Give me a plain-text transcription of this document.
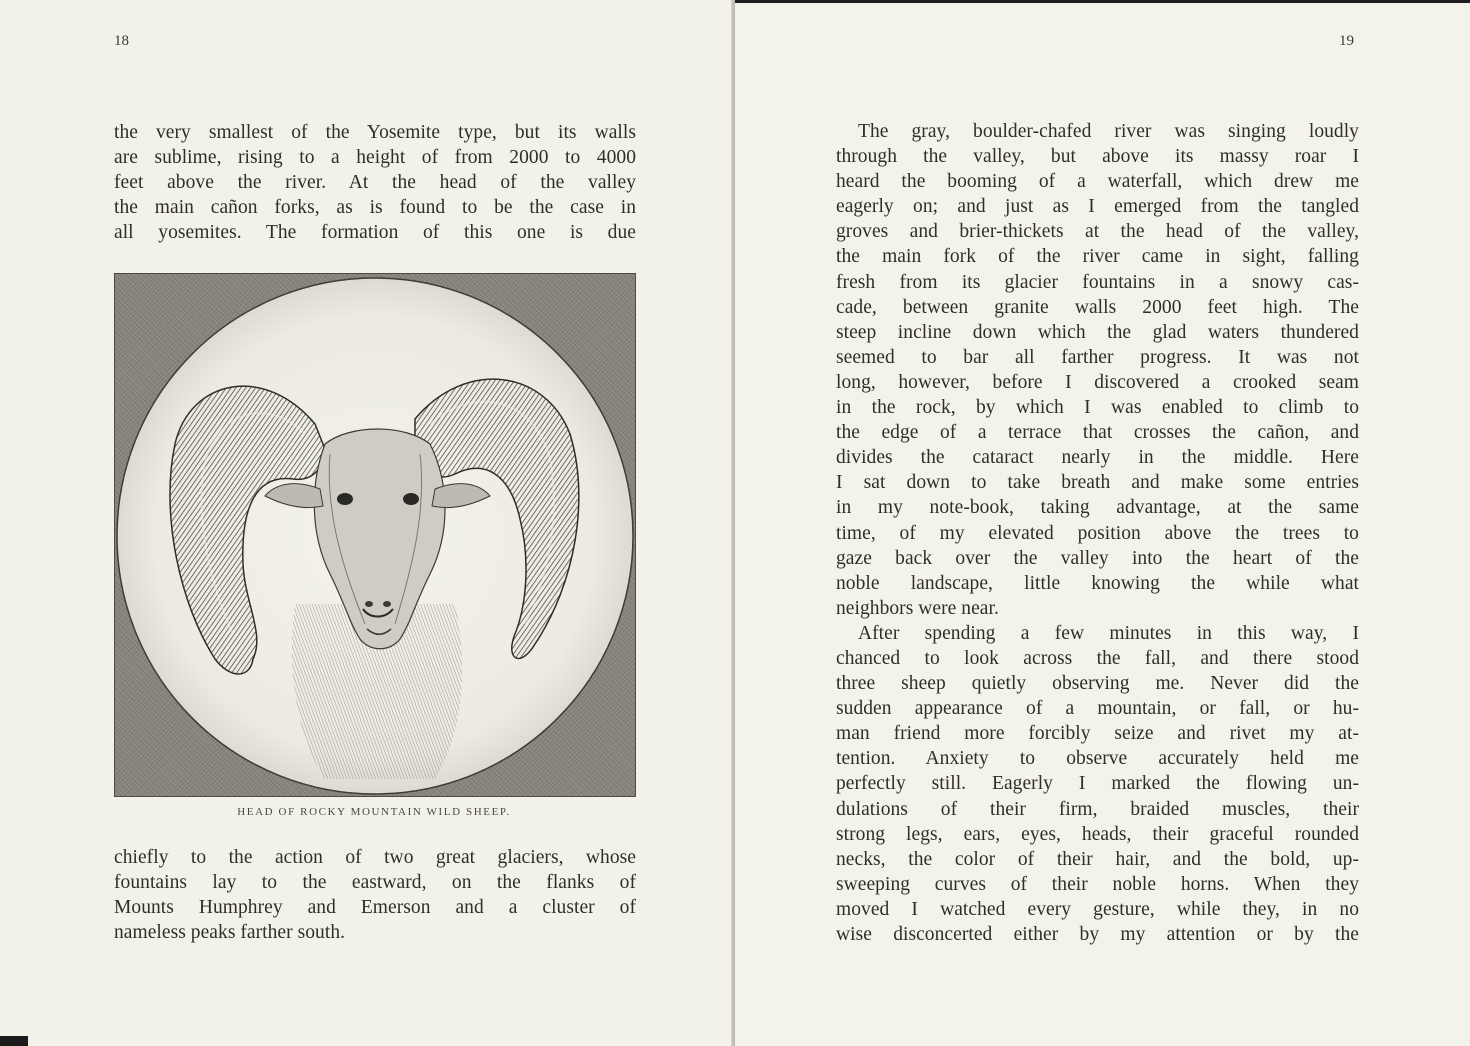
18
the very smallest of the Yosemite type, but its walls
are sublime, rising to a height of from 2000 to 4000
feet above the river. At the head of the valley
the main cañon forks, as is found to be the case in
all yosemites. The formation of this one is due
HEAD OF ROCKY MOUNTAIN WILD SHEEP.
chiefly to the action of two great glaciers, whose
fountains lay to the eastward, on the flanks of
Mounts Humphrey and Emerson and a cluster of
nameless peaks farther south.
19
The gray, boulder-chafed river was singing loudly
through the valley, but above its massy roar I
heard the booming of a waterfall, which drew me
eagerly on; and just as I emerged from the tangled
groves and brier-thickets at the head of the valley,
the main fork of the river came in sight, falling
fresh from its glacier fountains in a snowy cas-
cade, between granite walls 2000 feet high. The
steep incline down which the glad waters thundered
seemed to bar all farther progress. It was not
long, however, before I discovered a crooked seam
in the rock, by which I was enabled to climb to
the edge of a terrace that crosses the cañon, and
divides the cataract nearly in the middle. Here
I sat down to take breath and make some entries
in my note-book, taking advantage, at the same
time, of my elevated position above the trees to
gaze back over the valley into the heart of the
noble landscape, little knowing the while what
neighbors were near.
After spending a few minutes in this way, I
chanced to look across the fall, and there stood
three sheep quietly observing me. Never did the
sudden appearance of a mountain, or fall, or hu-
man friend more forcibly seize and rivet my at-
tention. Anxiety to observe accurately held me
perfectly still. Eagerly I marked the flowing un-
dulations of their firm, braided muscles, their
strong legs, ears, eyes, heads, their graceful rounded
necks, the color of their hair, and the bold, up-
sweeping curves of their noble horns. When they
moved I watched every gesture, while they, in no
wise disconcerted either by my attention or by the
